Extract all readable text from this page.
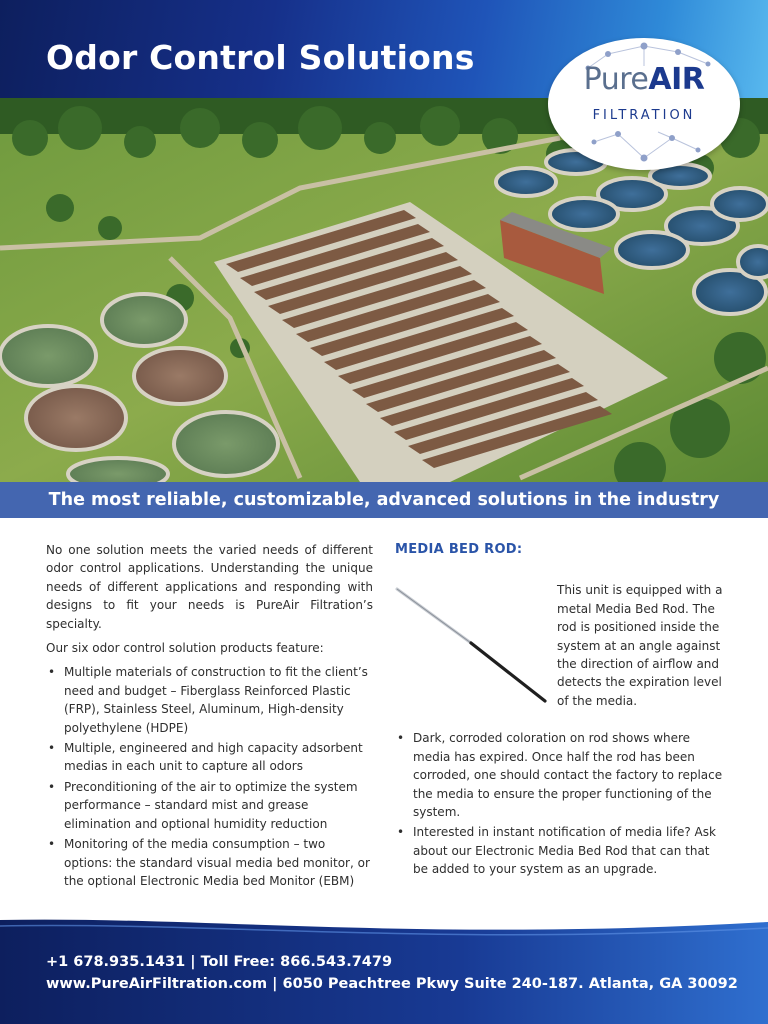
Odor Control Solutions
PureAIR
FILTRATION
The most reliable, customizable, advanced solutions in the industry

No one solution meets the varied needs of different odor control applications. Understanding the unique needs of different applications and responding with designs to fit your needs is PureAir Filtration’s specialty.

Our six odor control solution products feature:

• Multiple materials of construction to fit the client’s need and budget – Fiberglass Reinforced Plastic (FRP), Stainless Steel, Aluminum, High-density polyethylene (HDPE)
• Multiple, engineered and high capacity adsorbent medias in each unit to capture all odors
• Preconditioning of the air to optimize the system performance – standard mist and grease elimination and optional humidity reduction
• Monitoring of the media consumption – two options: the standard visual media bed monitor, or the optional Electronic Media bed Monitor (EBM)
MEDIA BED ROD:

This unit is equipped with a metal Media Bed Rod. The rod is positioned inside the system at an angle against the direction of airflow and detects the expiration level of the media.

• Dark, corroded coloration on rod shows where media has expired. Once half the rod has been corroded, one should contact the factory to replace the media to ensure the proper functioning of the system.
• Interested in instant notification of media life? Ask about our Electronic Media Bed Rod that can that be added to your system as an upgrade.

+1 678.935.1431 | Toll Free: 866.543.7479

www.PureAirFiltration.com | 6050 Peachtree Pkwy Suite 240-187. Atlanta, GA 30092
